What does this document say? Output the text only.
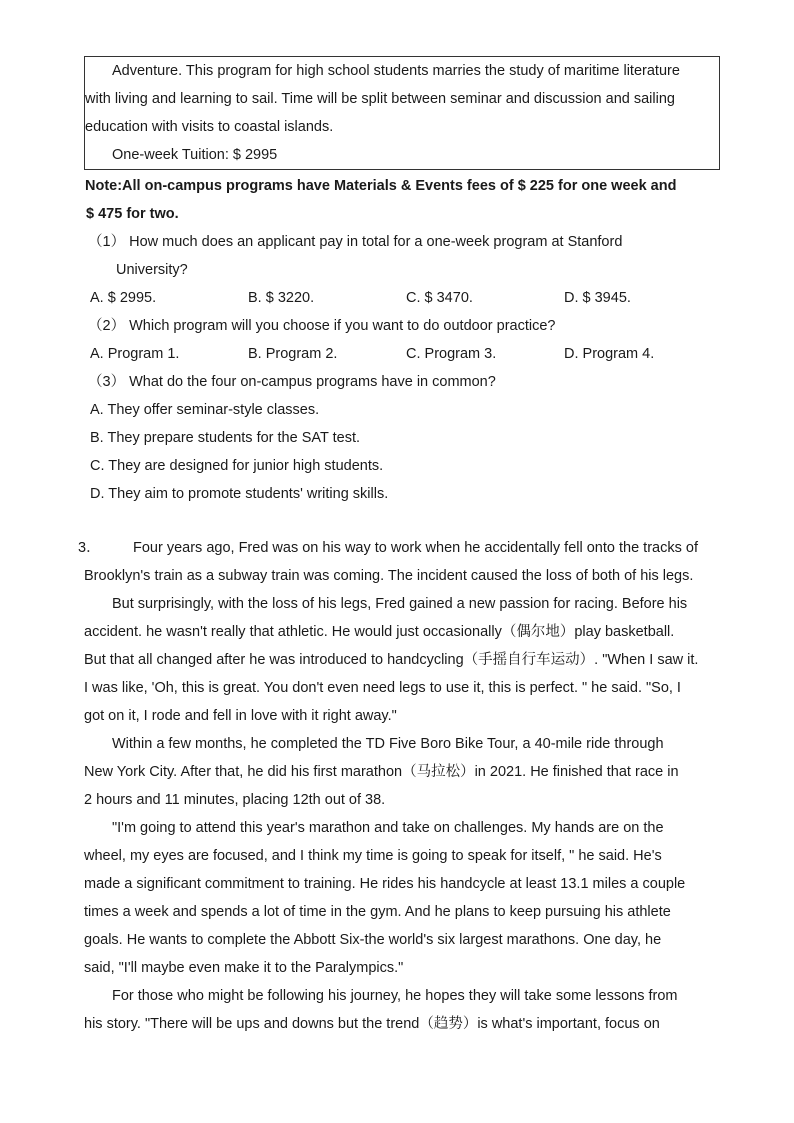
Adventure. This program for high school students marries the study of maritime literature
with living and learning to sail. Time will be split between seminar and discussion and sailing
education with visits to coastal islands.
One-week Tuition: $ 2995
Note:All on-campus programs have Materials & Events fees of $ 225 for one week and
$ 475 for two.
（1） How much does an applicant pay in total for a one-week program at Stanford
University?
A. $ 2995.	B. $ 3220.	C. $ 3470.	D. $ 3945.
（2） Which program will you choose if you want to do outdoor practice?
A. Program 1.	B. Program 2.	C. Program 3.	D. Program 4.
（3） What do the four on-campus programs have in common?
A. They offer seminar-style classes.
B. They prepare students for the SAT test.
C. They are designed for junior high students.
D. They aim to promote students' writing skills.
3． Four years ago, Fred was on his way to work when he accidentally fell onto the tracks of
Brooklyn's train as a subway train was coming. The incident caused the loss of both of his legs.
But surprisingly, with the loss of his legs, Fred gained a new passion for racing. Before his
accident. he wasn't really that athletic. He would just occasionally（偶尔地）play basketball.
But that all changed after he was introduced to handcycling（手摇自行车运动）. "When I saw it.
I was like, 'Oh, this is great. You don't even need legs to use it, this is perfect. " he said. "So, I
got on it, I rode and fell in love with it right away."
Within a few months, he completed the TD Five Boro Bike Tour, a 40-mile ride through
New York City. After that, he did his first marathon（马拉松）in 2021. He finished that race in
2 hours and 11 minutes, placing 12th out of 38.
"I'm going to attend this year's marathon and take on challenges. My hands are on the
wheel, my eyes are focused, and I think my time is going to speak for itself, " he said. He's
made a significant commitment to training. He rides his handcycle at least 13.1 miles a couple
times a week and spends a lot of time in the gym. And he plans to keep pursuing his athlete
goals. He wants to complete the Abbott Six-the world's six largest marathons. One day, he
said, "I'll maybe even make it to the Paralympics."
For those who might be following his journey, he hopes they will take some lessons from
his story. "There will be ups and downs but the trend（趋势）is what's important, focus on
